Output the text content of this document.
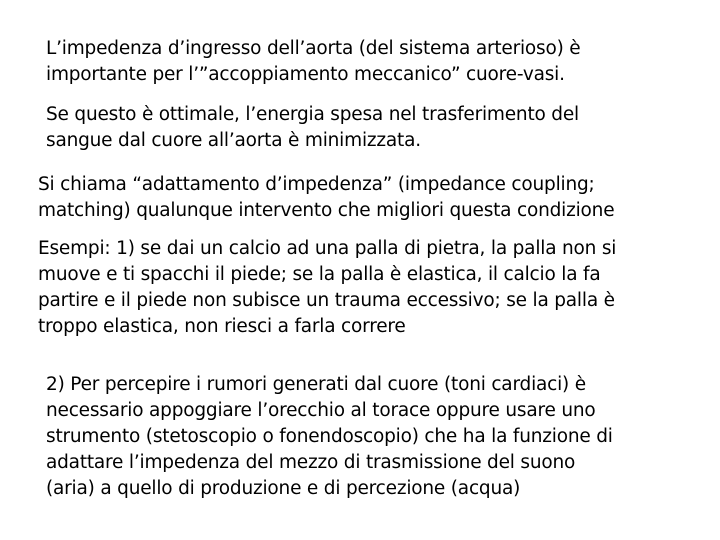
L’impedenza d’ingresso dell’aorta (del sistema arterioso) è
importante per l’”accoppiamento meccanico” cuore-vasi.

Se questo è ottimale, l’energia spesa nel trasferimento del
sangue dal cuore all’aorta è minimizzata.

Si chiama “adattamento d’impedenza” (impedance coupling;
matching) qualunque intervento che migliori questa condizione

Esempi: 1) se dai un calcio ad una palla di pietra, la palla non si
muove e ti spacchi il piede; se la palla è elastica, il calcio la fa
partire e il piede non subisce un trauma eccessivo; se la palla è
troppo elastica, non riesci a farla correre

2) Per percepire i rumori generati dal cuore (toni cardiaci) è
necessario appoggiare l’orecchio al torace oppure usare uno
strumento (stetoscopio o fonendoscopio) che ha la funzione di
adattare l’impedenza del mezzo di trasmissione del suono
(aria) a quello di produzione e di percezione (acqua)
